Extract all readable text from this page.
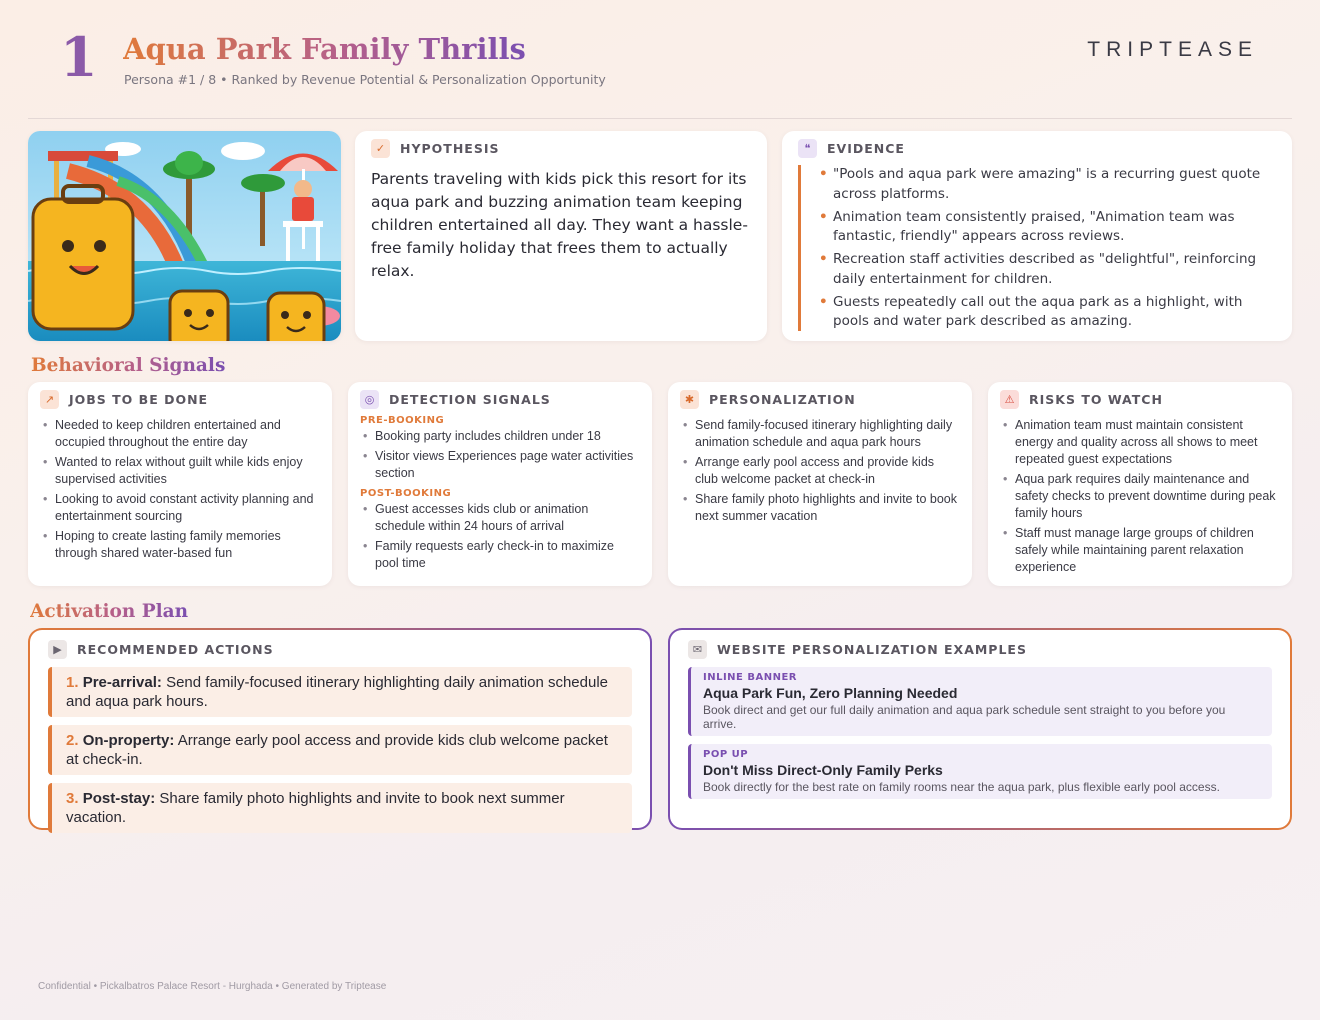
1 Aqua Park Family Thrills
Persona #1 / 8 • Ranked by Revenue Potential & Personalization Opportunity
TRIPTEASE
✓	HYPOTHESIS
Parents traveling with kids pick this resort for its aqua park and buzzing animation team keeping children entertained all day. They want a hassle-free family holiday that frees them to actually relax.
❝	EVIDENCE
• "Pools and aqua park were amazing" is a recurring guest quote across platforms.
• Animation team consistently praised, "Animation team was fantastic, friendly" appears across reviews.
• Recreation staff activities described as "delightful", reinforcing daily entertainment for children.
• Guests repeatedly call out the aqua park as a highlight, with pools and water park described as amazing.
Behavioral Signals
↗	JOBS TO BE DONE
• Needed to keep children entertained and occupied throughout the entire day
• Wanted to relax without guilt while kids enjoy supervised activities
• Looking to avoid constant activity planning and entertainment sourcing
• Hoping to create lasting family memories through shared water-based fun
◎	DETECTION SIGNALS
PRE-BOOKING
• Booking party includes children under 18
• Visitor views Experiences page water activities section
POST-BOOKING
• Guest accesses kids club or animation schedule within 24 hours of arrival
• Family requests early check-in to maximize pool time
✱	PERSONALIZATION
• Send family-focused itinerary highlighting daily animation schedule and aqua park hours
• Arrange early pool access and provide kids club welcome packet at check-in
• Share family photo highlights and invite to book next summer vacation
⚠	RISKS TO WATCH
• Animation team must maintain consistent energy and quality across all shows to meet repeated guest expectations
• Aqua park requires daily maintenance and safety checks to prevent downtime during peak family hours
• Staff must manage large groups of children safely while maintaining parent relaxation experience
Activation Plan
▶	RECOMMENDED ACTIONS
1. Pre-arrival: Send family-focused itinerary highlighting daily animation schedule and aqua park hours.
2. On-property: Arrange early pool access and provide kids club welcome packet at check-in.
3. Post-stay: Share family photo highlights and invite to book next summer vacation.
✉	WEBSITE PERSONALIZATION EXAMPLES
INLINE BANNER
Aqua Park Fun, Zero Planning Needed
Book direct and get our full daily animation and aqua park schedule sent straight to you before you arrive.
POP UP
Don't Miss Direct-Only Family Perks
Book directly for the best rate on family rooms near the aqua park, plus flexible early pool access.
Confidential • Pickalbatros Palace Resort - Hurghada • Generated by Triptease
